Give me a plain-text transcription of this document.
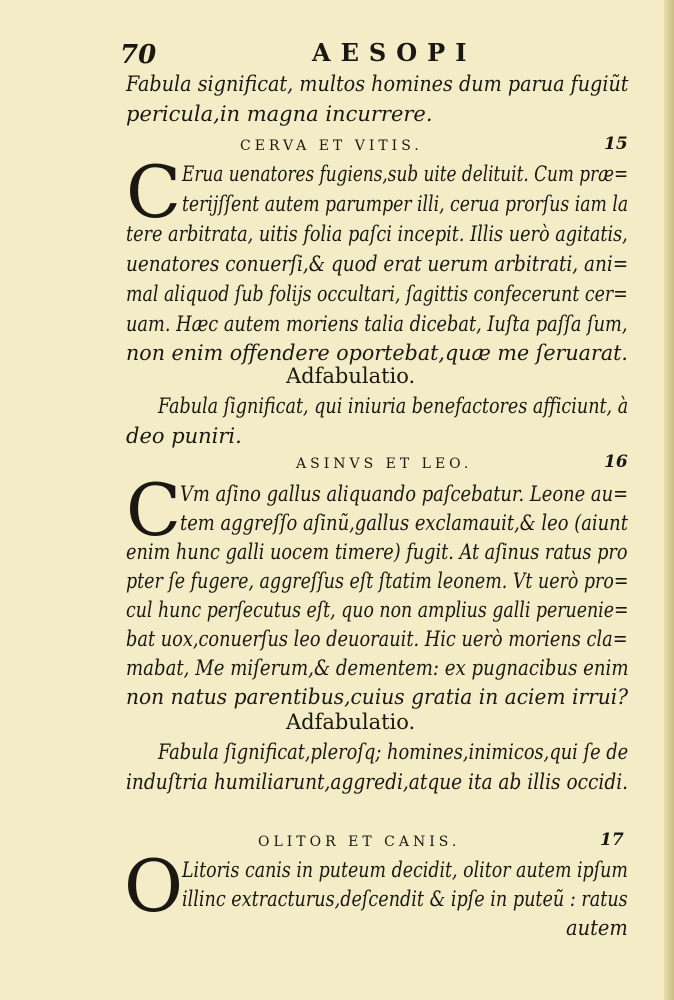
70	AESOPI
Fabula significat, multos homines dum parua fugiũt
pericula,in magna incurrere.
CERVA ET VITIS.	15
C Erua uenatores fugiens,sub uite delituit. Cum præ=
terijſſent autem parumper illi, cerua prorſus iam la
tere arbitrata, uitis folia paſci incepit. Illis uerò agitatis,
uenatores conuerſi,& quod erat uerum arbitrati, ani=
mal aliquod ſub folijs occultari, ſagittis confecerunt cer=
uam. Hæc autem moriens talia dicebat, Iuſta paſſa ſum,
non enim offendere oportebat,quæ me ſeruarat.
Adfabulatio.
Fabula ſignificat, qui iniuria benefactores afficiunt, à
deo puniri.
ASINVS ET LEO.	16
C
Vm aſino gallus aliquando paſcebatur. Leone au=
tem aggreſſo aſinũ,gallus exclamauit,& leo (aiunt
enim hunc galli uocem timere) fugit. At aſinus ratus pro
pter ſe fugere, aggreſſus eſt ſtatim leonem. Vt uerò pro=
cul hunc perſecutus eſt, quo non amplius galli peruenie=
bat uox,conuerſus leo deuorauit. Hic uerò moriens cla=
mabat, Me miſerum,& dementem: ex pugnacibus enim
non natus parentibus,cuius gratia in aciem irrui?
Adfabulatio.
Fabula ſignificat,pleroſq; homines,inimicos,qui ſe de
induſtria humiliarunt,aggredi,atque ita ab illis occidi.
OLITOR ET CANIS.	17
O
Litoris canis in puteum decidit, olitor autem ipſum
illinc extracturus,deſcendit & ipſe in puteũ : ratus
autem
